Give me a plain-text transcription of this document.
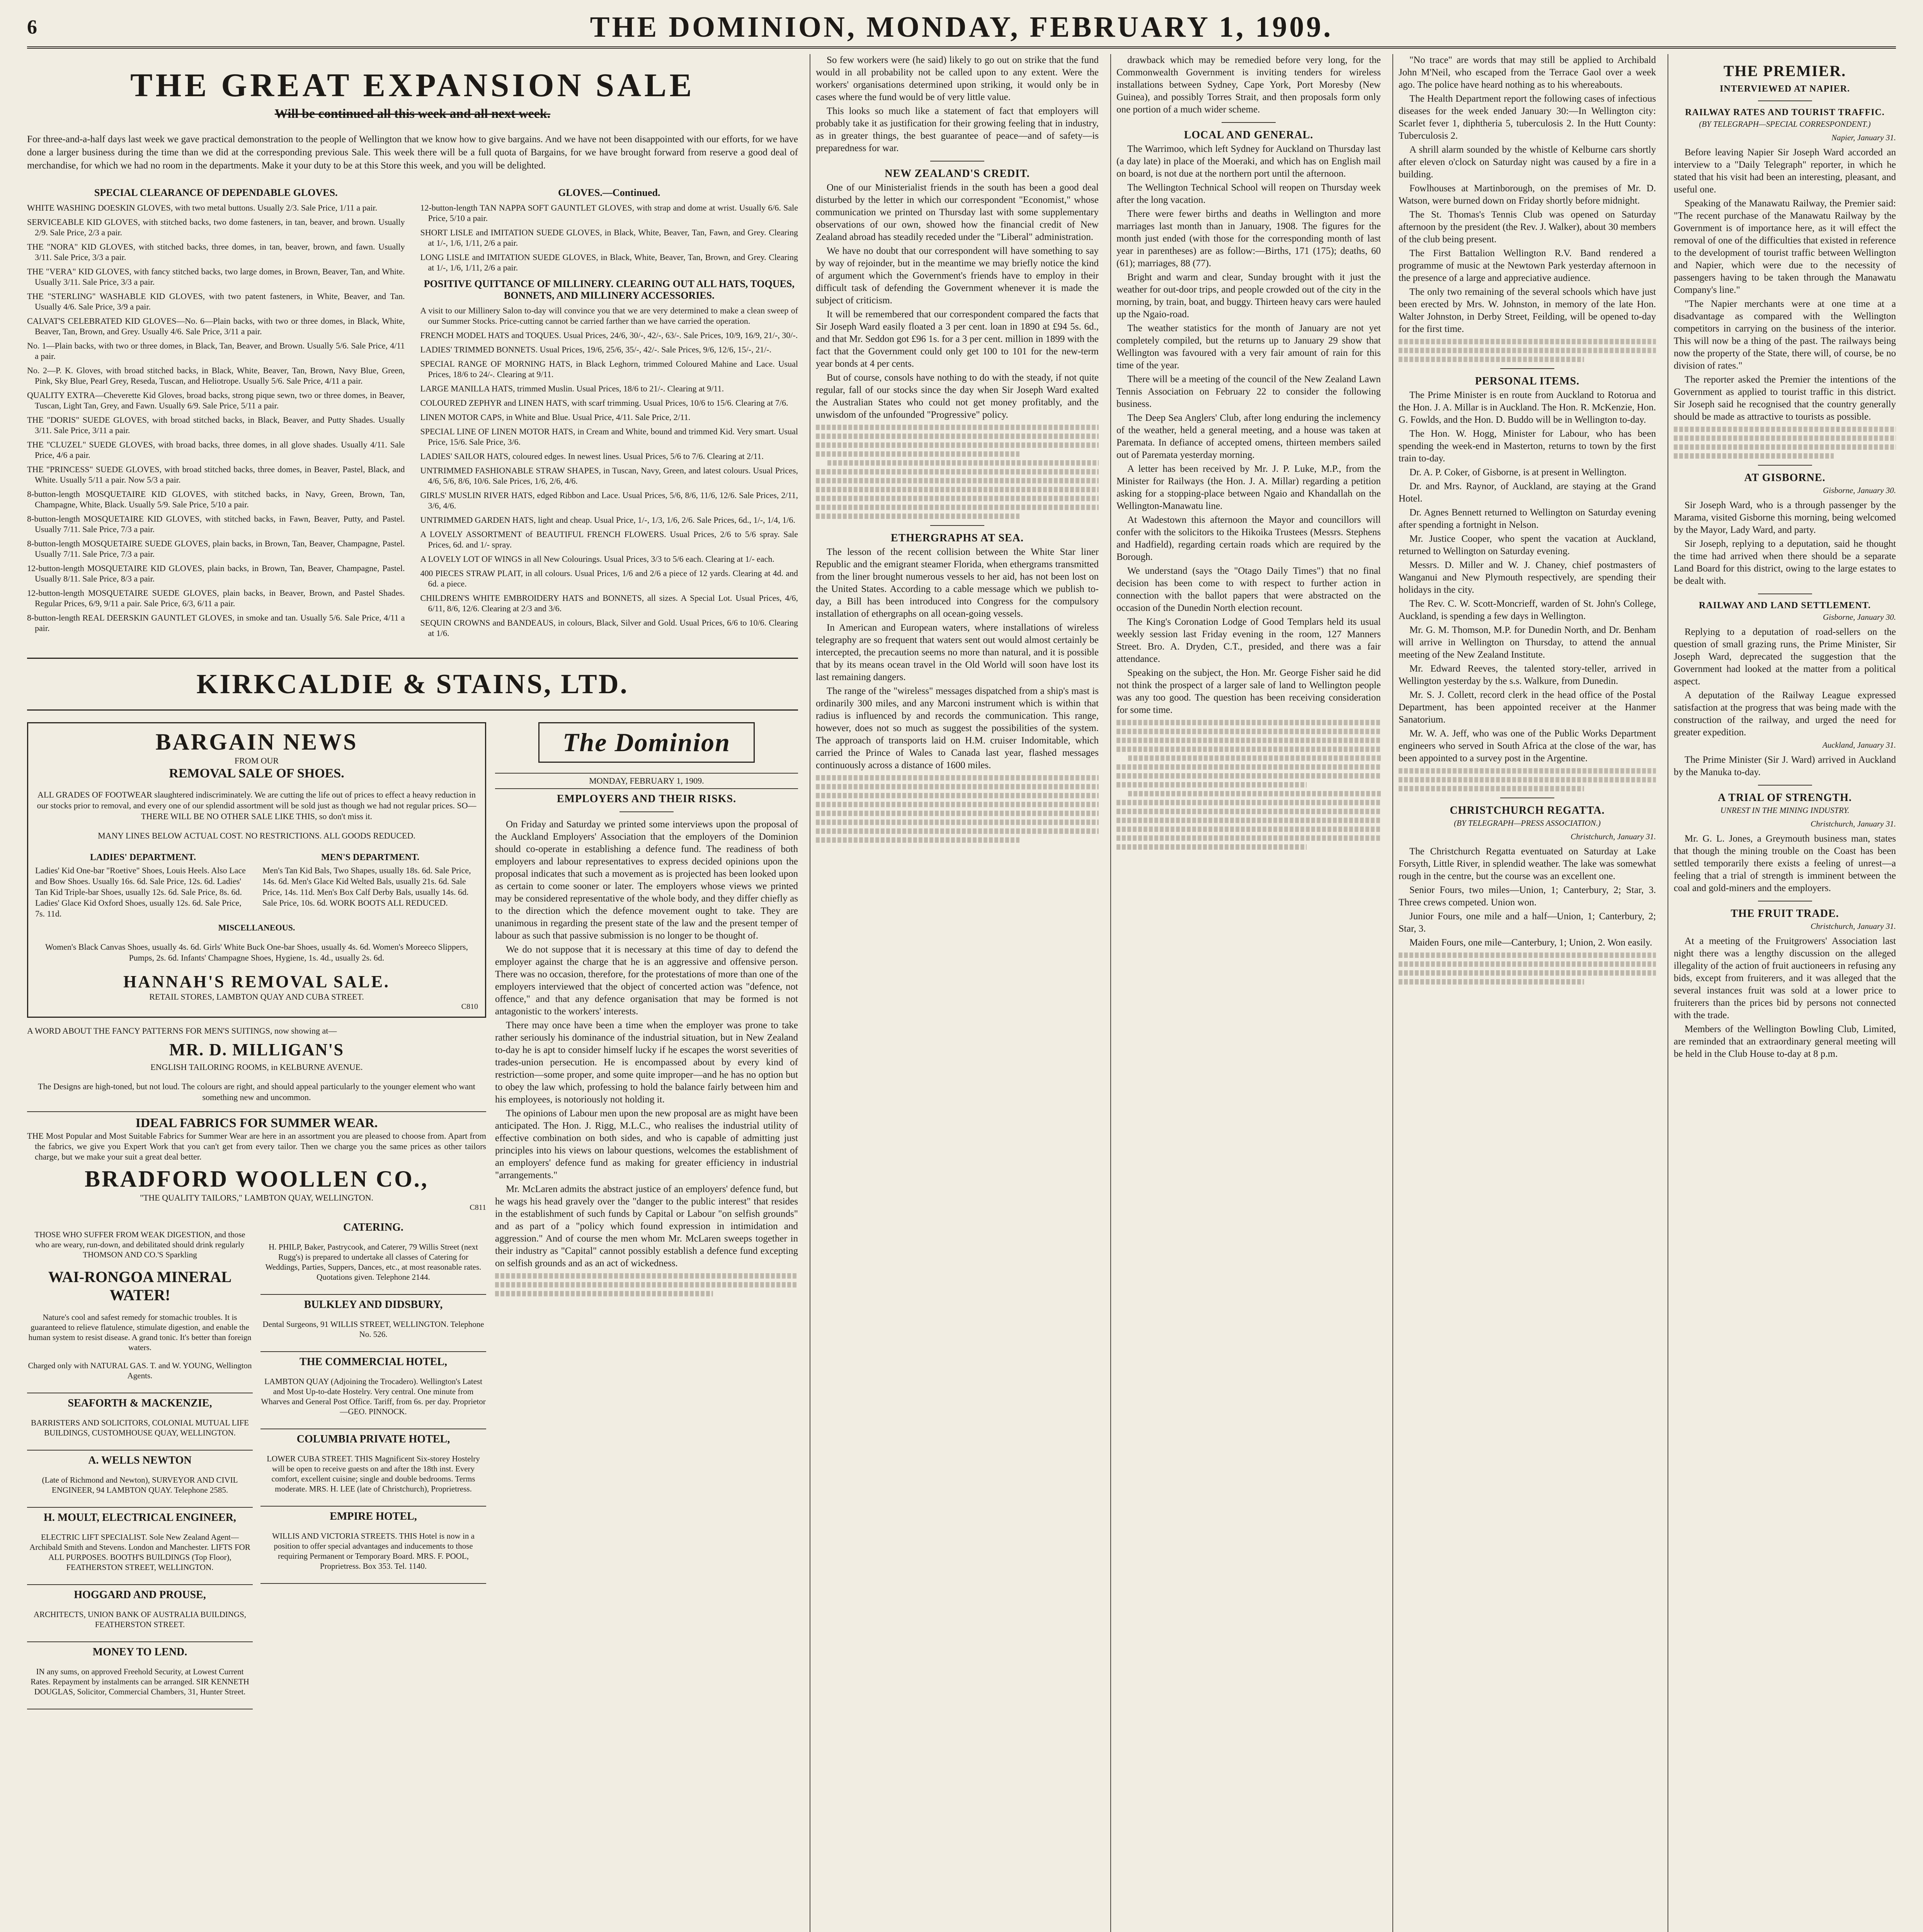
6	THE DOMINION, MONDAY, FEBRUARY 1, 1909.
THE GREAT EXPANSION SALE
Will be continued all this week and all next week.

For three-and-a-half days last week we gave practical demonstration to the people of Wellington that we know how to give bargains. And we have not been disappointed with our efforts, for we have done a larger business during the time than we did at the corresponding previous Sale. This week there will be a full quota of Bargains, for we have brought forward from reserve a good deal of merchandise, for which we had no room in the departments. Make it your duty to be at this Store this week, and you will be delighted.

SPECIAL CLEARANCE OF DEPENDABLE GLOVES.

WHITE WASHING DOESKIN GLOVES, with two metal buttons. Usually 2/3. Sale Price, 1/11 a pair.

SERVICEABLE KID GLOVES, with stitched backs, two dome fasteners, in tan, beaver, and brown. Usually 2/9. Sale Price, 2/3 a pair.

THE "NORA" KID GLOVES, with stitched backs, three domes, in tan, beaver, brown, and fawn. Usually 3/11. Sale Price, 3/3 a pair.

THE "VERA" KID GLOVES, with fancy stitched backs, two large domes, in Brown, Beaver, Tan, and White. Usually 3/11. Sale Price, 3/3 a pair.

THE "STERLING" WASHABLE KID GLOVES, with two patent fasteners, in White, Beaver, and Tan. Usually 4/6. Sale Price, 3/9 a pair.

CALVAT'S CELEBRATED KID GLOVES—No. 6—Plain backs, with two or three domes, in Black, White, Beaver, Tan, Brown, and Grey. Usually 4/6. Sale Price, 3/11 a pair.

No. 1—Plain backs, with two or three domes, in Black, Tan, Beaver, and Brown. Usually 5/6. Sale Price, 4/11 a pair.

No. 2—P. K. Gloves, with broad stitched backs, in Black, White, Beaver, Tan, Brown, Navy Blue, Green, Pink, Sky Blue, Pearl Grey, Reseda, Tuscan, and Heliotrope. Usually 5/6. Sale Price, 4/11 a pair.

QUALITY EXTRA—Cheverette Kid Gloves, broad backs, strong pique sewn, two or three domes, in Beaver, Tuscan, Light Tan, Grey, and Fawn. Usually 6/9. Sale Price, 5/11 a pair.

THE "DORIS" SUEDE GLOVES, with broad stitched backs, in Black, Beaver, and Putty Shades. Usually 3/11. Sale Price, 3/11 a pair.

THE "CLUZEL" SUEDE GLOVES, with broad backs, three domes, in all glove shades. Usually 4/11. Sale Price, 4/6 a pair.

THE "PRINCESS" SUEDE GLOVES, with broad stitched backs, three domes, in Beaver, Pastel, Black, and White. Usually 5/11 a pair. Now 5/3 a pair.

8-button-length MOSQUETAIRE KID GLOVES, with stitched backs, in Navy, Green, Brown, Tan, Champagne, White, Black. Usually 5/9. Sale Price, 5/10 a pair.

8-button-length MOSQUETAIRE KID GLOVES, with stitched backs, in Fawn, Beaver, Putty, and Pastel. Usually 7/11. Sale Price, 7/3 a pair.

8-button-length MOSQUETAIRE SUEDE GLOVES, plain backs, in Brown, Tan, Beaver, Champagne, Pastel. Usually 7/11. Sale Price, 7/3 a pair.

12-button-length MOSQUETAIRE KID GLOVES, plain backs, in Brown, Tan, Beaver, Champagne, Pastel. Usually 8/11. Sale Price, 8/3 a pair.

12-button-length MOSQUETAIRE SUEDE GLOVES, plain backs, in Beaver, Brown, and Pastel Shades. Regular Prices, 6/9, 9/11 a pair. Sale Price, 6/3, 6/11 a pair.

8-button-length REAL DEERSKIN GAUNTLET GLOVES, in smoke and tan. Usually 5/6. Sale Price, 4/11 a pair.

GLOVES.—Continued.

12-button-length TAN NAPPA SOFT GAUNTLET GLOVES, with strap and dome at wrist. Usually 6/6. Sale Price, 5/10 a pair.

SHORT LISLE and IMITATION SUEDE GLOVES, in Black, White, Beaver, Tan, Fawn, and Grey. Clearing at 1/-, 1/6, 1/11, 2/6 a pair.

LONG LISLE and IMITATION SUEDE GLOVES, in Black, White, Beaver, Tan, Brown, and Grey. Clearing at 1/-, 1/6, 1/11, 2/6 a pair.

POSITIVE QUITTANCE OF MILLINERY. CLEARING OUT ALL HATS, TOQUES, BONNETS, AND MILLINERY ACCESSORIES.

A visit to our Millinery Salon to-day will convince you that we are very determined to make a clean sweep of our Summer Stocks. Price-cutting cannot be carried farther than we have carried the operation.

FRENCH MODEL HATS and TOQUES. Usual Prices, 24/6, 30/-, 42/-, 63/-. Sale Prices, 10/9, 16/9, 21/-, 30/-.

LADIES' TRIMMED BONNETS. Usual Prices, 19/6, 25/6, 35/-, 42/-. Sale Prices, 9/6, 12/6, 15/-, 21/-.

SPECIAL RANGE OF MORNING HATS, in Black Leghorn, trimmed Coloured Mahine and Lace. Usual Prices, 18/6 to 24/-. Clearing at 9/11.

LARGE MANILLA HATS, trimmed Muslin. Usual Prices, 18/6 to 21/-. Clearing at 9/11.

COLOURED ZEPHYR and LINEN HATS, with scarf trimming. Usual Prices, 10/6 to 15/6. Clearing at 7/6.

LINEN MOTOR CAPS, in White and Blue. Usual Price, 4/11. Sale Price, 2/11.

SPECIAL LINE OF LINEN MOTOR HATS, in Cream and White, bound and trimmed Kid. Very smart. Usual Price, 15/6. Sale Price, 3/6.

LADIES' SAILOR HATS, coloured edges. In newest lines. Usual Prices, 5/6 to 7/6. Clearing at 2/11.

UNTRIMMED FASHIONABLE STRAW SHAPES, in Tuscan, Navy, Green, and latest colours. Usual Prices, 4/6, 5/6, 8/6, 10/6. Sale Prices, 1/6, 2/6, 4/6.

GIRLS' MUSLIN RIVER HATS, edged Ribbon and Lace. Usual Prices, 5/6, 8/6, 11/6, 12/6. Sale Prices, 2/11, 3/6, 4/6.

UNTRIMMED GARDEN HATS, light and cheap. Usual Price, 1/-, 1/3, 1/6, 2/6. Sale Prices, 6d., 1/-, 1/4, 1/6.

A LOVELY ASSORTMENT of BEAUTIFUL FRENCH FLOWERS. Usual Prices, 2/6 to 5/6 spray. Sale Prices, 6d. and 1/- spray.

A LOVELY LOT OF WINGS in all New Colourings. Usual Prices, 3/3 to 5/6 each. Clearing at 1/- each.

400 PIECES STRAW PLAIT, in all colours. Usual Prices, 1/6 and 2/6 a piece of 12 yards. Clearing at 4d. and 6d. a piece.

CHILDREN'S WHITE EMBROIDERY HATS and BONNETS, all sizes. A Special Lot. Usual Prices, 4/6, 6/11, 8/6, 12/6. Clearing at 2/3 and 3/6.

SEQUIN CROWNS and BANDEAUS, in colours, Black, Silver and Gold. Usual Prices, 6/6 to 10/6. Clearing at 1/6.

KIRKCALDIE & STAINS, LTD.
BARGAIN NEWS
FROM OUR
REMOVAL SALE OF SHOES.

ALL GRADES OF FOOTWEAR slaughtered indiscriminately. We are cutting the life out of prices to effect a heavy reduction in our stocks prior to removal, and every one of our splendid assortment will be sold just as though we had not regular prices. SO—THERE WILL BE NO OTHER SALE LIKE THIS, so don't miss it.

MANY LINES BELOW ACTUAL COST. NO RESTRICTIONS. ALL GOODS REDUCED.

LADIES' DEPARTMENT.

Ladies' Kid One-bar "Roetive" Shoes, Louis Heels. Also Lace and Bow Shoes. Usually 16s. 6d. Sale Price, 12s. 6d. Ladies' Tan Kid Triple-bar Shoes, usually 12s. 6d. Sale Price, 8s. 6d. Ladies' Glace Kid Oxford Shoes, usually 12s. 6d. Sale Price, 7s. 11d.

MEN'S DEPARTMENT.

Men's Tan Kid Bals, Two Shapes, usually 18s. 6d. Sale Price, 14s. 6d. Men's Glace Kid Welted Bals, usually 21s. 6d. Sale Price, 14s. 11d. Men's Box Calf Derby Bals, usually 14s. 6d. Sale Price, 10s. 6d. WORK BOOTS ALL REDUCED.

MISCELLANEOUS.

Women's Black Canvas Shoes, usually 4s. 6d. Girls' White Buck One-bar Shoes, usually 4s. 6d. Women's Moreeco Slippers, Pumps, 2s. 6d. Infants' Champagne Shoes, Hygiene, 1s. 4d., usually 2s. 6d.

HANNAH'S REMOVAL SALE.
RETAIL STORES, LAMBTON QUAY AND CUBA STREET.
C810

A WORD ABOUT THE FANCY PATTERNS FOR MEN'S SUITINGS, now showing at—

MR. D. MILLIGAN'S
ENGLISH TAILORING ROOMS, in KELBURNE AVENUE.

The Designs are high-toned, but not loud. The colours are right, and should appeal particularly to the younger element who want something new and uncommon.

IDEAL FABRICS FOR SUMMER WEAR.

THE Most Popular and Most Suitable Fabrics for Summer Wear are here in an assortment you are pleased to choose from. Apart from the fabrics, we give you Expert Work that you can't get from every tailor. Then we charge you the same prices as other tailors charge, but we make your suit a great deal better.

BRADFORD WOOLLEN CO.,
"THE QUALITY TAILORS," LAMBTON QUAY, WELLINGTON.
C811

THOSE WHO SUFFER FROM WEAK DIGESTION, and those who are weary, run-down, and debilitated should drink regularly THOMSON AND CO.'S Sparkling

WAI-RONGOA MINERAL WATER!

Nature's cool and safest remedy for stomachic troubles. It is guaranteed to relieve flatulence, stimulate digestion, and enable the human system to resist disease. A grand tonic. It's better than foreign waters.

Charged only with NATURAL GAS. T. and W. YOUNG, Wellington Agents.

SEAFORTH & MACKENZIE,

BARRISTERS AND SOLICITORS, COLONIAL MUTUAL LIFE BUILDINGS, CUSTOMHOUSE QUAY, WELLINGTON.

A. WELLS NEWTON

(Late of Richmond and Newton), SURVEYOR AND CIVIL ENGINEER, 94 LAMBTON QUAY. Telephone 2585.

H. MOULT, ELECTRICAL ENGINEER,

ELECTRIC LIFT SPECIALIST. Sole New Zealand Agent—Archibald Smith and Stevens. London and Manchester. LIFTS FOR ALL PURPOSES. BOOTH'S BUILDINGS (Top Floor), FEATHERSTON STREET, WELLINGTON.

HOGGARD AND PROUSE,

ARCHITECTS, UNION BANK OF AUSTRALIA BUILDINGS, FEATHERSTON STREET.

MONEY TO LEND.

IN any sums, on approved Freehold Security, at Lowest Current Rates. Repayment by instalments can be arranged. SIR KENNETH DOUGLAS, Solicitor, Commercial Chambers, 31, Hunter Street.

CATERING.

H. PHILP, Baker, Pastrycook, and Caterer, 79 Willis Street (next Rugg's) is prepared to undertake all classes of Catering for Weddings, Parties, Suppers, Dances, etc., at most reasonable rates. Quotations given. Telephone 2144.

BULKLEY AND DIDSBURY,

Dental Surgeons, 91 WILLIS STREET, WELLINGTON. Telephone No. 526.

THE COMMERCIAL HOTEL,

LAMBTON QUAY (Adjoining the Trocadero). Wellington's Latest and Most Up-to-date Hostelry. Very central. One minute from Wharves and General Post Office. Tariff, from 6s. per day. Proprietor—GEO. PINNOCK.

COLUMBIA PRIVATE HOTEL,

LOWER CUBA STREET. THIS Magnificent Six-storey Hostelry will be open to receive guests on and after the 18th inst. Every comfort, excellent cuisine; single and double bedrooms. Terms moderate. MRS. H. LEE (late of Christchurch), Proprietress.

EMPIRE HOTEL,

WILLIS AND VICTORIA STREETS. THIS Hotel is now in a position to offer special advantages and inducements to those requiring Permanent or Temporary Board. MRS. F. POOL, Proprietress. Box 353. Tel. 1140.

The Dominion
MONDAY, FEBRUARY 1, 1909.
EMPLOYERS AND THEIR RISKS.

On Friday and Saturday we printed some interviews upon the proposal of the Auckland Employers' Association that the employers of the Dominion should co-operate in establishing a defence fund. The readiness of both employers and labour representatives to express decided opinions upon the proposal indicates that such a movement as is projected has been looked upon as certain to come sooner or later. The employers whose views we printed may be considered representative of the whole body, and they differ chiefly as to the direction which the defence movement ought to take. They are unanimous in regarding the present state of the law and the present temper of labour as such that passive submission is no longer to be thought of.

We do not suppose that it is necessary at this time of day to defend the employer against the charge that he is an aggressive and offensive person. There was no occasion, therefore, for the protestations of more than one of the employers interviewed that the object of concerted action was "defence, not offence," and that any defence organisation that may be formed is not antagonistic to the workers' interests.

There may once have been a time when the employer was prone to take rather seriously his dominance of the industrial situation, but in New Zealand to-day he is apt to consider himself lucky if he escapes the worst severities of trades-union persecution. He is encompassed about by every kind of restriction—some proper, and some quite improper—and he has no option but to obey the law which, professing to hold the balance fairly between him and his employees, is notoriously not holding it.

The opinions of Labour men upon the new proposal are as might have been anticipated. The Hon. J. Rigg, M.L.C., who realises the industrial utility of effective combination on both sides, and who is capable of admitting just principles into his views on labour questions, welcomes the establishment of an employers' defence fund as making for greater efficiency in industrial "arrangements."

Mr. McLaren admits the abstract justice of an employers' defence fund, but he wags his head gravely over the "danger to the public interest" that resides in the establishment of such funds by Capital or Labour "on selfish grounds" and as part of a "policy which found expression in intimidation and aggression." And of course the men whom Mr. McLaren sweeps together in their industry as "Capital" cannot possibly establish a defence fund excepting on selfish grounds and as an act of wickedness.

So few workers were (he said) likely to go out on strike that the fund would in all probability not be called upon to any extent. Were the workers' organisations determined upon striking, it would only be in cases where the fund would be of very little value.

This looks so much like a statement of fact that employers will probably take it as justification for their growing feeling that in industry, as in greater things, the best guarantee of peace—and of safety—is preparedness for war.

NEW ZEALAND'S CREDIT.

One of our Ministerialist friends in the south has been a good deal disturbed by the letter in which our correspondent "Economist," whose communication we printed on Thursday last with some supplementary observations of our own, showed how the financial credit of New Zealand abroad has steadily receded under the "Liberal" administration.

We have no doubt that our correspondent will have something to say by way of rejoinder, but in the meantime we may briefly notice the kind of argument which the Government's friends have to employ in their difficult task of defending the Government whenever it is made the subject of criticism.

It will be remembered that our correspondent compared the facts that Sir Joseph Ward easily floated a 3 per cent. loan in 1890 at £94 5s. 6d., and that Mr. Seddon got £96 1s. for a 3 per cent. million in 1899 with the fact that the Government could only get 100 to 101 for the new-term year bonds at 4 per cents.

But of course, consols have nothing to do with the steady, if not quite regular, fall of our stocks since the day when Sir Joseph Ward exalted the Australian States who could not get money profitably, and the unwisdom of the unfounded "Progressive" policy.

ETHERGRAPHS AT SEA.

The lesson of the recent collision between the White Star liner Republic and the emigrant steamer Florida, when ethergrams transmitted from the liner brought numerous vessels to her aid, has not been lost on the United States. According to a cable message which we publish to-day, a Bill has been introduced into Congress for the compulsory installation of ethergraphs on all ocean-going vessels.

In American and European waters, where installations of wireless telegraphy are so frequent that waters sent out would almost certainly be intercepted, the precaution seems no more than natural, and it is possible that by its means ocean travel in the Old World will soon have lost its last remaining dangers.

The range of the "wireless" messages dispatched from a ship's mast is ordinarily 300 miles, and any Marconi instrument which is within that radius is influenced by and records the communication. This range, however, does not so much as suggest the possibilities of the system. The approach of transports laid on H.M. cruiser Indomitable, which carried the Prince of Wales to Canada last year, flashed messages continuously across a distance of 1600 miles.

drawback which may be remedied before very long, for the Commonwealth Government is inviting tenders for wireless installations between Sydney, Cape York, Port Moresby (New Guinea), and possibly Torres Strait, and then proposals form only one portion of a much wider scheme.

LOCAL AND GENERAL.

The Warrimoo, which left Sydney for Auckland on Thursday last (a day late) in place of the Moeraki, and which has on English mail on board, is not due at the northern port until the afternoon.

The Wellington Technical School will reopen on Thursday week after the long vacation.

There were fewer births and deaths in Wellington and more marriages last month than in January, 1908. The figures for the month just ended (with those for the corresponding month of last year in parentheses) are as follow:—Births, 171 (175); deaths, 60 (61); marriages, 88 (77).

Bright and warm and clear, Sunday brought with it just the weather for out-door trips, and people crowded out of the city in the morning, by train, boat, and buggy. Thirteen heavy cars were hauled up the Ngaio-road.

The weather statistics for the month of January are not yet completely compiled, but the returns up to January 29 show that Wellington was favoured with a very fair amount of rain for this time of the year.

There will be a meeting of the council of the New Zealand Lawn Tennis Association on February 22 to consider the following business.

The Deep Sea Anglers' Club, after long enduring the inclemency of the weather, held a general meeting, and a house was taken at Paremata. In defiance of accepted omens, thirteen members sailed out of Paremata yesterday morning.

A letter has been received by Mr. J. P. Luke, M.P., from the Minister for Railways (the Hon. J. A. Millar) regarding a petition asking for a stopping-place between Ngaio and Khandallah on the Wellington-Manawatu line.

At Wadestown this afternoon the Mayor and councillors will confer with the solicitors to the Hikoika Trustees (Messrs. Stephens and Hadfield), regarding certain roads which are required by the Borough.

We understand (says the "Otago Daily Times") that no final decision has been come to with respect to further action in connection with the ballot papers that were abstracted on the occasion of the Dunedin North election recount.

The King's Coronation Lodge of Good Templars held its usual weekly session last Friday evening in the room, 127 Manners Street. Bro. A. Dryden, C.T., presided, and there was a fair attendance.

Speaking on the subject, the Hon. Mr. George Fisher said he did not think the prospect of a larger sale of land to Wellington people was any too good. The question has been receiving consideration for some time.

"No trace" are words that may still be applied to Archibald John M'Neil, who escaped from the Terrace Gaol over a week ago. The police have heard nothing as to his whereabouts.

The Health Department report the following cases of infectious diseases for the week ended January 30:—In Wellington city: Scarlet fever 1, diphtheria 5, tuberculosis 2. In the Hutt County: Tuberculosis 2.

A shrill alarm sounded by the whistle of Kelburne cars shortly after eleven o'clock on Saturday night was caused by a fire in a building.

Fowlhouses at Martinborough, on the premises of Mr. D. Watson, were burned down on Friday shortly before midnight.

The St. Thomas's Tennis Club was opened on Saturday afternoon by the president (the Rev. J. Walker), about 30 members of the club being present.

The First Battalion Wellington R.V. Band rendered a programme of music at the Newtown Park yesterday afternoon in the presence of a large and appreciative audience.

The only two remaining of the several schools which have just been erected by Mrs. W. Johnston, in memory of the late Hon. Walter Johnston, in Derby Street, Feilding, will be opened to-day for the first time.

PERSONAL ITEMS.

The Prime Minister is en route from Auckland to Rotorua and the Hon. J. A. Millar is in Auckland. The Hon. R. McKenzie, Hon. G. Fowlds, and the Hon. D. Buddo will be in Wellington to-day.

The Hon. W. Hogg, Minister for Labour, who has been spending the week-end in Masterton, returns to town by the first train to-day.

Dr. A. P. Coker, of Gisborne, is at present in Wellington.

Dr. and Mrs. Raynor, of Auckland, are staying at the Grand Hotel.

Dr. Agnes Bennett returned to Wellington on Saturday evening after spending a fortnight in Nelson.

Mr. Justice Cooper, who spent the vacation at Auckland, returned to Wellington on Saturday evening.

Messrs. D. Miller and W. J. Chaney, chief postmasters of Wanganui and New Plymouth respectively, are spending their holidays in the city.

The Rev. C. W. Scott-Moncrieff, warden of St. John's College, Auckland, is spending a few days in Wellington.

Mr. G. M. Thomson, M.P. for Dunedin North, and Dr. Benham will arrive in Wellington on Thursday, to attend the annual meeting of the New Zealand Institute.

Mr. Edward Reeves, the talented story-teller, arrived in Wellington yesterday by the s.s. Walkure, from Dunedin.

Mr. S. J. Collett, record clerk in the head office of the Postal Department, has been appointed receiver at the Hanmer Sanatorium.

Mr. W. A. Jeff, who was one of the Public Works Department engineers who served in South Africa at the close of the war, has been appointed to a survey post in the Argentine.

CHRISTCHURCH REGATTA.
(BY TELEGRAPH—PRESS ASSOCIATION.)
Christchurch, January 31.

The Christchurch Regatta eventuated on Saturday at Lake Forsyth, Little River, in splendid weather. The lake was somewhat rough in the centre, but the course was an excellent one.

Senior Fours, two miles—Union, 1; Canterbury, 2; Star, 3. Three crews competed. Union won.

Junior Fours, one mile and a half—Union, 1; Canterbury, 2; Star, 3.

Maiden Fours, one mile—Canterbury, 1; Union, 2. Won easily.

THE PREMIER.
INTERVIEWED AT NAPIER.
RAILWAY RATES AND TOURIST TRAFFIC.
(BY TELEGRAPH—SPECIAL CORRESPONDENT.)
Napier, January 31.

Before leaving Napier Sir Joseph Ward accorded an interview to a "Daily Telegraph" reporter, in which he stated that his visit had been an interesting, pleasant, and useful one.

Speaking of the Manawatu Railway, the Premier said: "The recent purchase of the Manawatu Railway by the Government is of importance here, as it will effect the removal of one of the difficulties that existed in reference to the development of tourist traffic between Wellington and Napier, which were due to the necessity of passengers having to be taken through the Manawatu Company's line."

"The Napier merchants were at one time at a disadvantage as compared with the Wellington competitors in carrying on the business of the interior. This will now be a thing of the past. The railways being now the property of the State, there will, of course, be no division of rates."

The reporter asked the Premier the intentions of the Government as applied to tourist traffic in this district. Sir Joseph said he recognised that the country generally should be made as attractive to tourists as possible.

AT GISBORNE.
Gisborne, January 30.

Sir Joseph Ward, who is a through passenger by the Marama, visited Gisborne this morning, being welcomed by the Mayor, Lady Ward, and party.

Sir Joseph, replying to a deputation, said he thought the time had arrived when there should be a separate Land Board for this district, owing to the large estates to be dealt with.

RAILWAY AND LAND SETTLEMENT.
Gisborne, January 30.

Replying to a deputation of road-sellers on the question of small grazing runs, the Prime Minister, Sir Joseph Ward, deprecated the suggestion that the Government had looked at the matter from a political aspect.

A deputation of the Railway League expressed satisfaction at the progress that was being made with the construction of the railway, and urged the need for greater expedition.

Auckland, January 31.

The Prime Minister (Sir J. Ward) arrived in Auckland by the Manuka to-day.

A TRIAL OF STRENGTH.
UNREST IN THE MINING INDUSTRY.
Christchurch, January 31.

Mr. G. L. Jones, a Greymouth business man, states that though the mining trouble on the Coast has been settled temporarily there exists a feeling of unrest—a feeling that a trial of strength is imminent between the coal and gold-miners and the employers.

THE FRUIT TRADE.
Christchurch, January 31.

At a meeting of the Fruitgrowers' Association last night there was a lengthy discussion on the alleged illegality of the action of fruit auctioneers in refusing any bids, except from fruiterers, and it was alleged that the several instances fruit was sold at a lower price to fruiterers than the prices bid by persons not connected with the trade.

Members of the Wellington Bowling Club, Limited, are reminded that an extraordinary general meeting will be held in the Club House to-day at 8 p.m.
